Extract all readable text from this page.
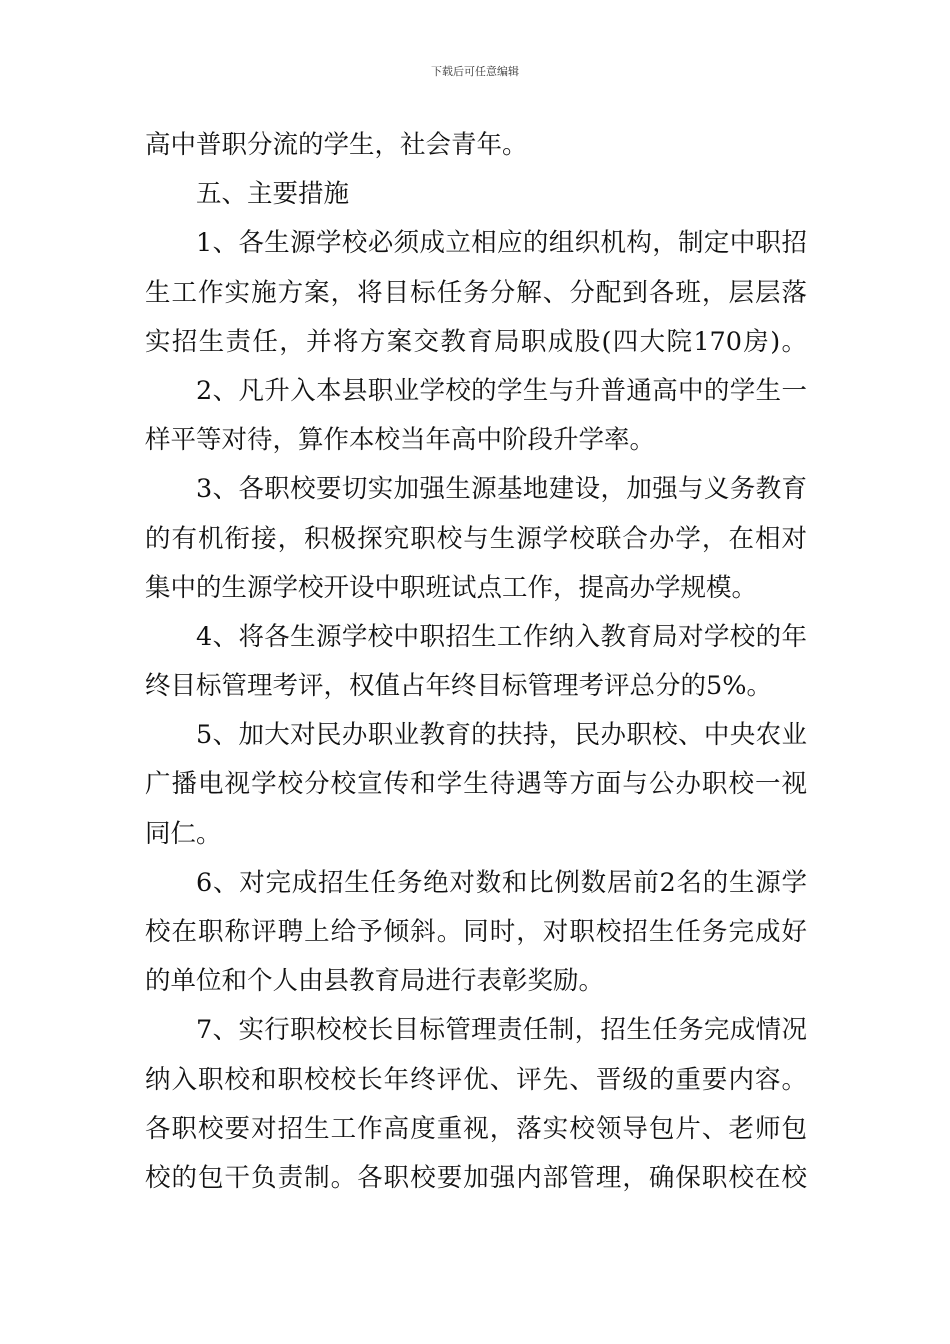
下载后可任意编辑
高中普职分流的学生，社会青年。
五、主要措施
1、各生源学校必须成立相应的组织机构，制定中职招
生工作实施方案，将目标任务分解、分配到各班，层层落
实招生责任，并将方案交教育局职成股(四大院170房)。
2、凡升入本县职业学校的学生与升普通高中的学生一
样平等对待，算作本校当年高中阶段升学率。
3、各职校要切实加强生源基地建设，加强与义务教育
的有机衔接，积极探究职校与生源学校联合办学，在相对
集中的生源学校开设中职班试点工作，提高办学规模。
4、将各生源学校中职招生工作纳入教育局对学校的年
终目标管理考评，权值占年终目标管理考评总分的5%。
5、加大对民办职业教育的扶持，民办职校、中央农业
广播电视学校分校宣传和学生待遇等方面与公办职校一视
同仁。
6、对完成招生任务绝对数和比例数居前2名的生源学
校在职称评聘上给予倾斜。同时，对职校招生任务完成好
的单位和个人由县教育局进行表彰奖励。
7、实行职校校长目标管理责任制，招生任务完成情况
纳入职校和职校校长年终评优、评先、晋级的重要内容。
各职校要对招生工作高度重视，落实校领导包片、老师包
校的包干负责制。各职校要加强内部管理，确保职校在校
